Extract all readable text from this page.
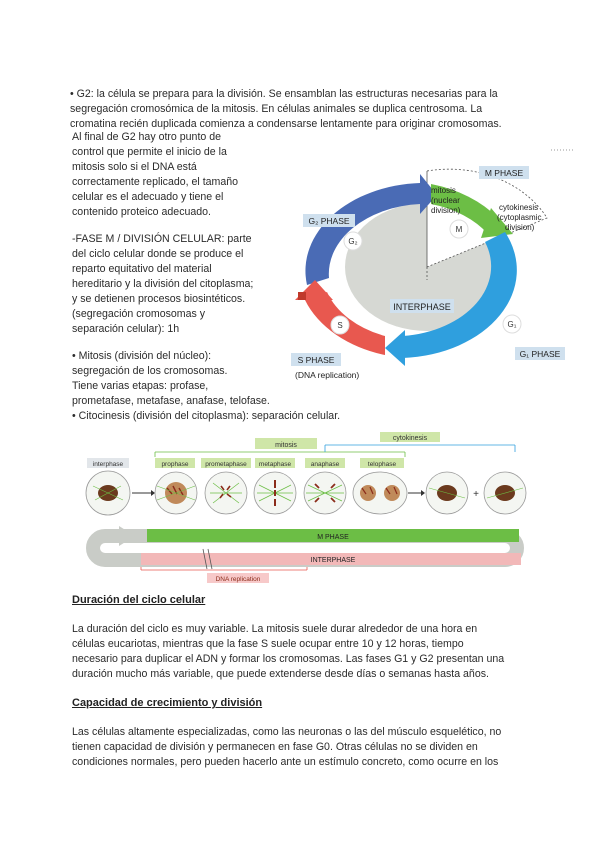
• G2: la célula se prepara para la división. Se ensamblan las estructuras necesarias para la
segregación cromosómica de la mitosis. En células animales se duplica centrosoma. La
cromatina recién duplicada comienza a condensarse lentamente para originar cromosomas.
Al final de G2 hay otro punto de
control que permite el inicio de la
mitosis solo si el DNA está
correctamente replicado, el tamaño
celular es el adecuado y tiene el
contenido proteico adecuado.
-FASE M / DIVISIÓN CELULAR: parte
del ciclo celular donde se produce el
reparto equitativo del material
hereditario y la división del citoplasma;
y se detienen procesos biosintéticos.
(segregación cromosomas y
separación celular): 1h
• Mitosis (división del núcleo):
segregación de los cromosomas.
Tiene varias etapas: profase,
prometafase, metafase, anafase, telofase.
• Citocinesis (división del citoplasma): separación celular.
G₂
M
G₁
S
M PHASE
G₂ PHASE
INTERPHASE
G₁ PHASE
S PHASE
(DNA replication)
mitosis
(nuclear
division)	cytokinesis
(cytoplasmic
division)
mitosis
cytokinesis
interphase	prophase	prometaphase metaphase	anaphase	telophase
+
M PHASE
INTERPHASE
DNA replication
Duración del ciclo celular
La duración del ciclo es muy variable. La mitosis suele durar alrededor de una hora en
células eucariotas, mientras que la fase S suele ocupar entre 10 y 12 horas, tiempo
necesario para duplicar el ADN y formar los cromosomas. Las fases G1 y G2 presentan una
duración mucho más variable, que puede extenderse desde días o semanas hasta años.
Capacidad de crecimiento y división
Las células altamente especializadas, como las neuronas o las del músculo esquelético, no
tienen capacidad de división y permanecen en fase G0. Otras células no se dividen en
condiciones normales, pero pueden hacerlo ante un estímulo concreto, como ocurre en los
